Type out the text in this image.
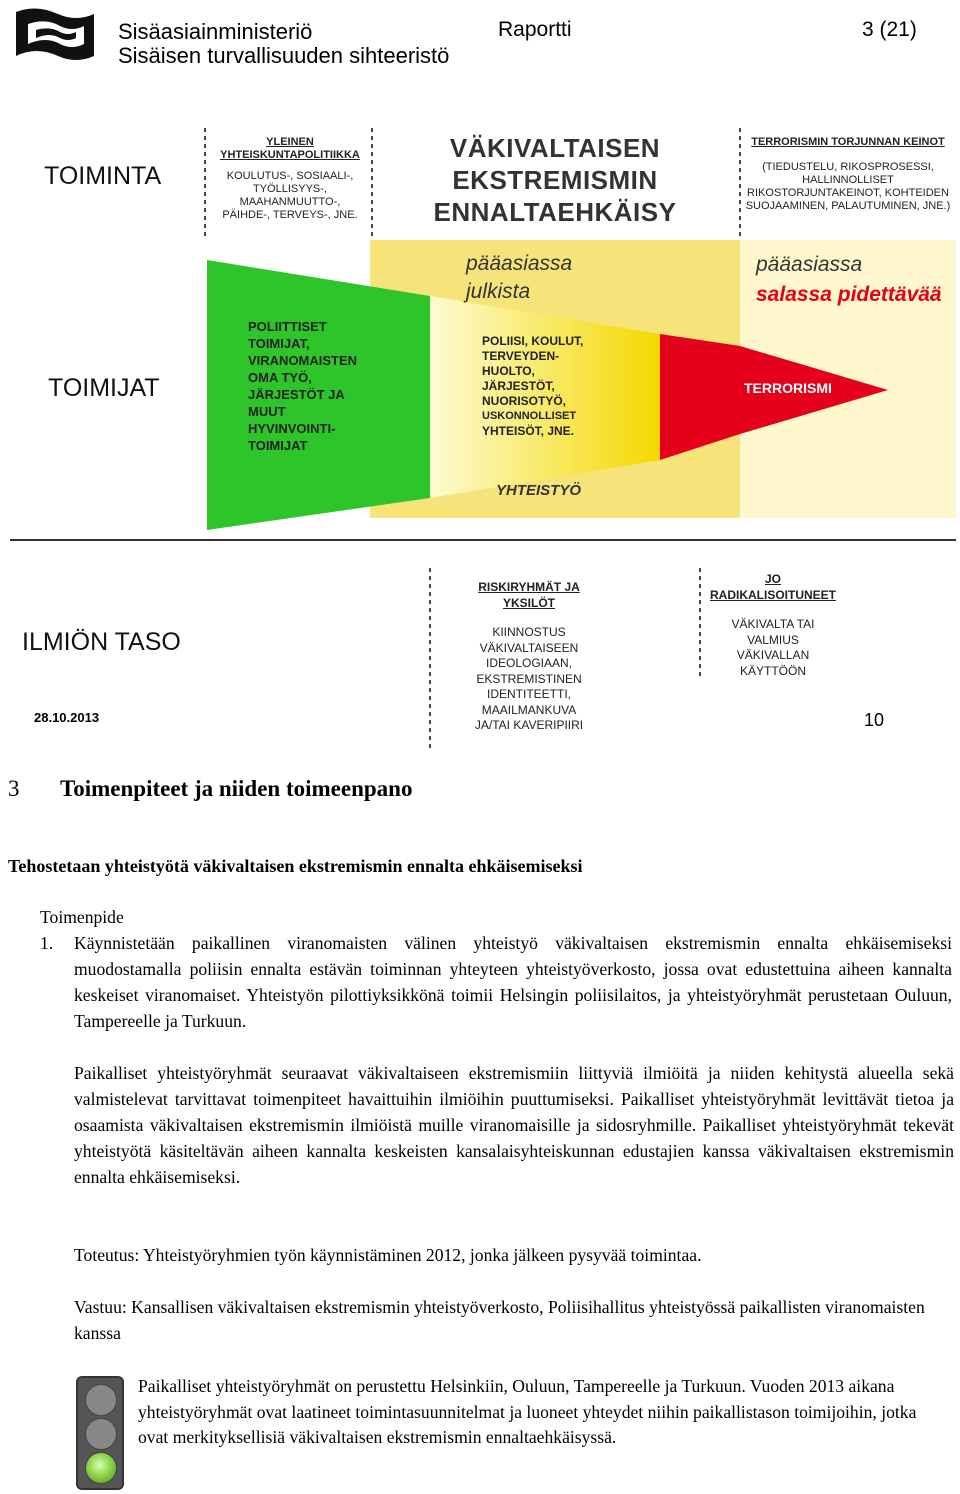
Sisäasiainministeriö
Sisäisen turvallisuuden sihteeristö
Raportti	3 (21)
TOIMINTA
TOIMIJAT
ILMIÖN TASO
YLEINEN
YHTEISKUNTAPOLITIIKKA
KOULUTUS-, SOSIAALI-,
TYÖLLISYYS-,
MAAHANMUUTTO-,
PÄIHDE-, TERVEYS-, JNE.
VÄKIVALTAISEN
EKSTREMISMIN
ENNALTAEHKÄISY
TERRORISMIN TORJUNNAN KEINOT
(TIEDUSTELU, RIKOSPROSESSI,
HALLINNOLLISET
RIKOSTORJUNTAKEINOT, KOHTEIDEN
SUOJAAMINEN, PALAUTUMINEN, JNE.)
pääasiassa
julkista
pääasiassa
salassa pidettävää
POLIITTISET
TOIMIJAT,
VIRANOMAISTEN
OMA TYÖ,
JÄRJESTÖT JA
MUUT
HYVINVOINTI-
TOIMIJAT
POLIISI, KOULUT,
TERVEYDEN-
HUOLTO,
JÄRJESTÖT,
NUORISOTYÖ,
USKONNOLLISET
YHTEISÖT, JNE.
TERRORISMI
YHTEISTYÖ
RISKIRYHMÄT JA
YKSILÖT
KIINNOSTUS
VÄKIVALTAISEEN
IDEOLOGIAAN,
EKSTREMISTINEN
IDENTITEETTI,
MAAILMANKUVA
JA/TAI KAVERIPIIRI
JO
RADIKALISOITUNEET
VÄKIVALTA TAI
VALMIUS
VÄKIVALLAN
KÄYTTÖÖN
28.10.2013	10
3 Toimenpiteet ja niiden toimeenpano
Tehostetaan yhteistyötä väkivaltaisen ekstremismin ennalta ehkäisemiseksi
Toimenpide
1. Käynnistetään paikallinen viranomaisten välinen yhteistyö väkivaltaisen ekstremismin ennalta ehkäisemiseksi muodostamalla poliisin ennalta estävän toiminnan yhteyteen yhteistyöverkosto, jossa ovat edustettuina aiheen kannalta keskeiset viranomaiset. Yhteistyön pilottiyksikkönä toimii Helsingin poliisilaitos, ja yhteistyöryhmät perustetaan Ouluun, Tampereelle ja Turkuun.
Paikalliset yhteistyöryhmät seuraavat väkivaltaiseen ekstremismiin liittyviä ilmiöitä ja niiden kehitystä alueella sekä valmistelevat tarvittavat toimenpiteet havaittuihin ilmiöihin puuttumiseksi. Paikalliset yhteistyöryhmät levittävät tietoa ja osaamista väkivaltaisen ekstremismin ilmiöistä muille viranomaisille ja sidosryhmille. Paikalliset yhteistyöryhmät tekevät yhteistyötä käsiteltävän aiheen kannalta keskeisten kansalaisyhteiskunnan edustajien kanssa väkivaltaisen ekstremismin ennalta ehkäisemiseksi.
Toteutus: Yhteistyöryhmien työn käynnistäminen 2012, jonka jälkeen pysyvää toimintaa.
Vastuu: Kansallisen väkivaltaisen ekstremismin yhteistyöverkosto, Poliisihallitus yhteistyössä paikallisten viranomaisten kanssa
Paikalliset yhteistyöryhmät on perustettu Helsinkiin, Ouluun, Tampereelle ja Turkuun. Vuoden 2013 aikana yhteistyöryhmät ovat laatineet toimintasuunnitelmat ja luoneet yhteydet niihin paikallistason toimijoihin, jotka ovat merkityksellisiä väkivaltaisen ekstremismin ennaltaehkäisyssä.
